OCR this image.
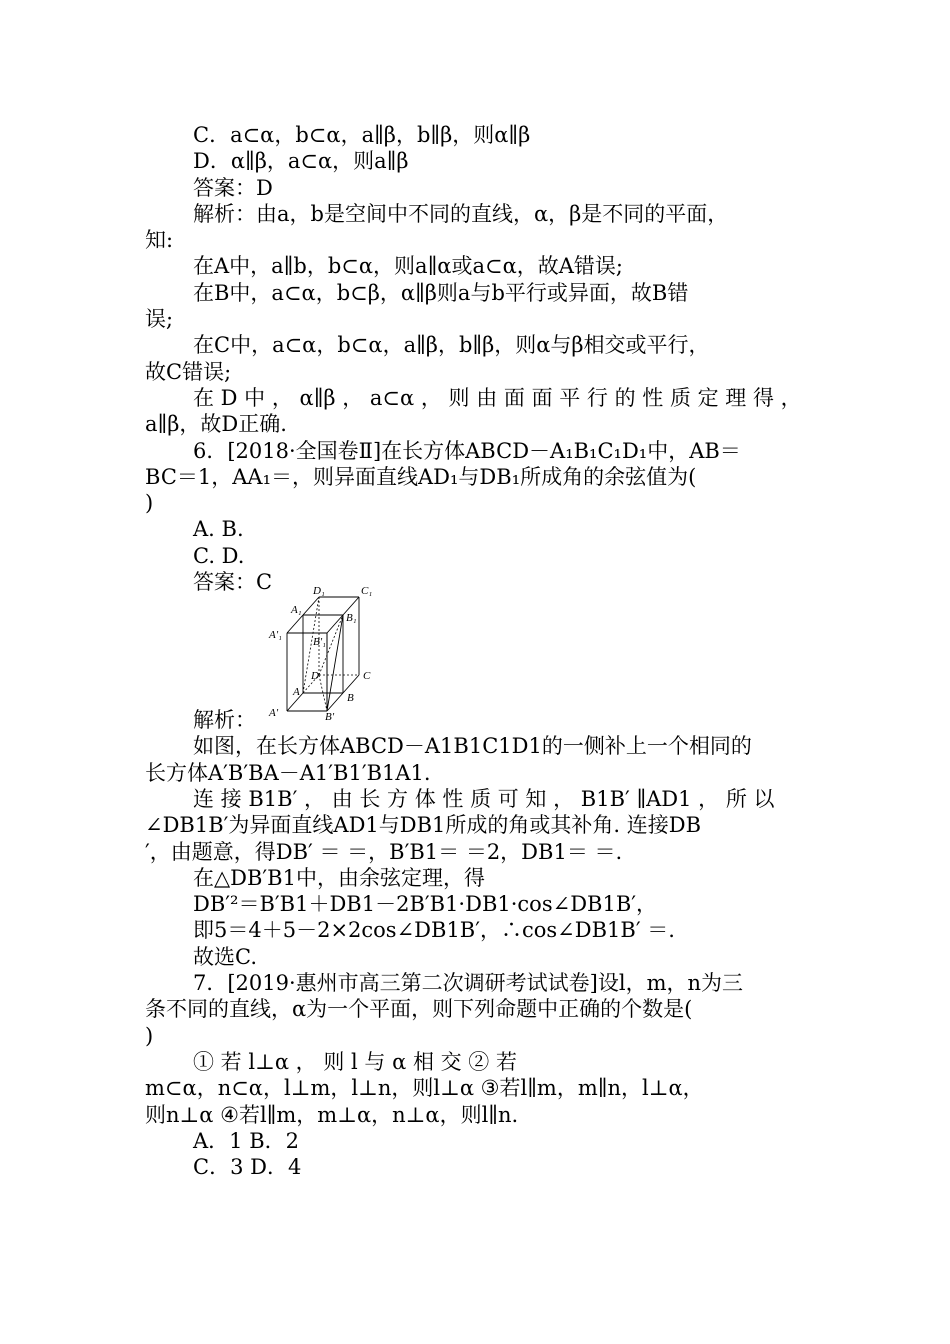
C．a⊂α，b⊂α，a∥β，b∥β，则α∥β
D．α∥β，a⊂α，则a∥β
答案：D
解析：由a，b是空间中不同的直线，α，β是不同的平面，
知:
在A中，a∥b，b⊂α，则a∥α或a⊂α，故A错误;
在B中，a⊂α，b⊂β，α∥β则a与b平行或异面，故B错
误;
在C中，a⊂α，b⊂α，a∥β，b∥β，则α与β相交或平行，
故C错误;
在 D 中 ， α∥β ， a⊂α ， 则 由 面 面 平 行 的 性 质 定 理 得 ，
a∥β，故D正确.
6．[2018·全国卷Ⅱ]在长方体ABCD－A₁B₁C₁D₁中，AB＝
BC＝1，AA₁＝，则异面直线AD₁与DB₁所成角的余弦值为(
)
A. B.
C. D.
答案：C	D₁	C₁
A₁
B₁
A′₁
B′₁
D	C
A	B
A′	B′
解析：
如图，在长方体ABCD－A1B1C1D1的一侧补上一个相同的
长方体A′B′BA－A1′B1′B1A1.
连 接 B1B′ ， 由 长 方 体 性 质 可 知 ， B1B′ ∥AD1 ， 所 以
∠DB1B′为异面直线AD1与DB1所成的角或其补角. 连接DB
′，由题意，得DB′ ＝ ＝，B′B1＝ ＝2，DB1＝ ＝.
在△DB′B1中，由余弦定理，得
DB′²＝B′B1＋DB1－2B′B1·DB1·cos∠DB1B′，
即5＝4＋5－2×2cos∠DB1B′，∴cos∠DB1B′ ＝.
故选C.
7．[2019·惠州市高三第二次调研考试试卷]设l，m，n为三
条不同的直线，α为一个平面，则下列命题中正确的个数是(
)
① 若 l⊥α ， 则 l 与 α 相 交 ② 若
m⊂α，n⊂α，l⊥m，l⊥n，则l⊥α ③若l∥m，m∥n，l⊥α，
则n⊥α ④若l∥m，m⊥α，n⊥α，则l∥n.
A．1 B．2
C．3 D．4
